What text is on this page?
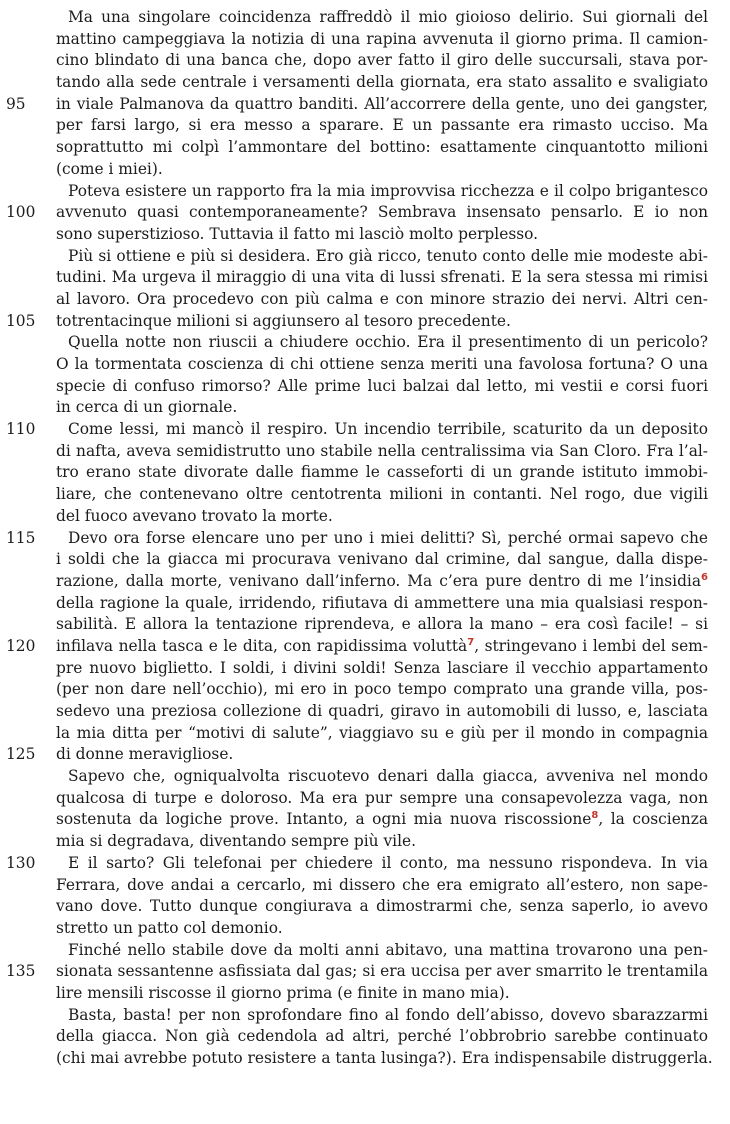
Ma una singolare coincidenza raffreddò il mio gioioso delirio. Sui giornali del
mattino campeggiava la notizia di una rapina avvenuta il giorno prima. Il camion-
cino blindato di una banca che, dopo aver fatto il giro delle succursali, stava por-
tando alla sede centrale i versamenti della giornata, era stato assalito e svaligiato
95	in viale Palmanova da quattro banditi. All’accorrere della gente, uno dei gangster,
per farsi largo, si era messo a sparare. E un passante era rimasto ucciso. Ma
soprattutto mi colpì l’ammontare del bottino: esattamente cinquantotto milioni
(come i miei).
Poteva esistere un rapporto fra la mia improvvisa ricchezza e il colpo brigantesco
100 avvenuto quasi contemporaneamente? Sembrava insensato pensarlo. E io non
sono superstizioso. Tuttavia il fatto mi lasciò molto perplesso.
Più si ottiene e più si desidera. Ero già ricco, tenuto conto delle mie modeste abi-
tudini. Ma urgeva il miraggio di una vita di lussi sfrenati. E la sera stessa mi rimisi
al lavoro. Ora procedevo con più calma e con minore strazio dei nervi. Altri cen-
105 totrentacinque milioni si aggiunsero al tesoro precedente.
Quella notte non riuscii a chiudere occhio. Era il presentimento di un pericolo?
O la tormentata coscienza di chi ottiene senza meriti una favolosa fortuna? O una
specie di confuso rimorso? Alle prime luci balzai dal letto, mi vestii e corsi fuori
in cerca di un giornale.
110	Come lessi, mi mancò il respiro. Un incendio terribile, scaturito da un deposito
di nafta, aveva semidistrutto uno stabile nella centralissima via San Cloro. Fra l’al-
tro erano state divorate dalle fiamme le casseforti di un grande istituto immobi-
liare, che contenevano oltre centotrenta milioni in contanti. Nel rogo, due vigili
del fuoco avevano trovato la morte.
115	Devo ora forse elencare uno per uno i miei delitti? Sì, perché ormai sapevo che
i soldi che la giacca mi procurava venivano dal crimine, dal sangue, dalla dispe-
razione, dalla morte, venivano dall’inferno. Ma c’era pure dentro di me l’insidia$^6$
della ragione la quale, irridendo, rifiutava di ammettere una mia qualsiasi respon-
sabilità. E allora la tentazione riprendeva, e allora la mano – era così facile! – si
120 infilava nella tasca e le dita, con rapidissima voluttà$^7$, stringevano i lembi del sem-
pre nuovo biglietto. I soldi, i divini soldi! Senza lasciare il vecchio appartamento
(per non dare nell’occhio), mi ero in poco tempo comprato una grande villa, pos-
sedevo una preziosa collezione di quadri, giravo in automobili di lusso, e, lasciata
la mia ditta per “motivi di salute”, viaggiavo su e giù per il mondo in compagnia
125 di donne meravigliose.
Sapevo che, ogniqualvolta riscuotevo denari dalla giacca, avveniva nel mondo
qualcosa di turpe e doloroso. Ma era pur sempre una consapevolezza vaga, non
sostenuta da logiche prove. Intanto, a ogni mia nuova riscossione$^8$, la coscienza
mia si degradava, diventando sempre più vile.
130	E il sarto? Gli telefonai per chiedere il conto, ma nessuno rispondeva. In via
Ferrara, dove andai a cercarlo, mi dissero che era emigrato all’estero, non sape-
vano dove. Tutto dunque congiurava a dimostrarmi che, senza saperlo, io avevo
stretto un patto col demonio.
Finché nello stabile dove da molti anni abitavo, una mattina trovarono una pen-
135 sionata sessantenne asfissiata dal gas; si era uccisa per aver smarrito le trentamila
lire mensili riscosse il giorno prima (e finite in mano mia).
Basta, basta! per non sprofondare fino al fondo dell’abisso, dovevo sbarazzarmi
della giacca. Non già cedendola ad altri, perché l’obbrobrio sarebbe continuato
(chi mai avrebbe potuto resistere a tanta lusinga?). Era indispensabile distruggerla.
